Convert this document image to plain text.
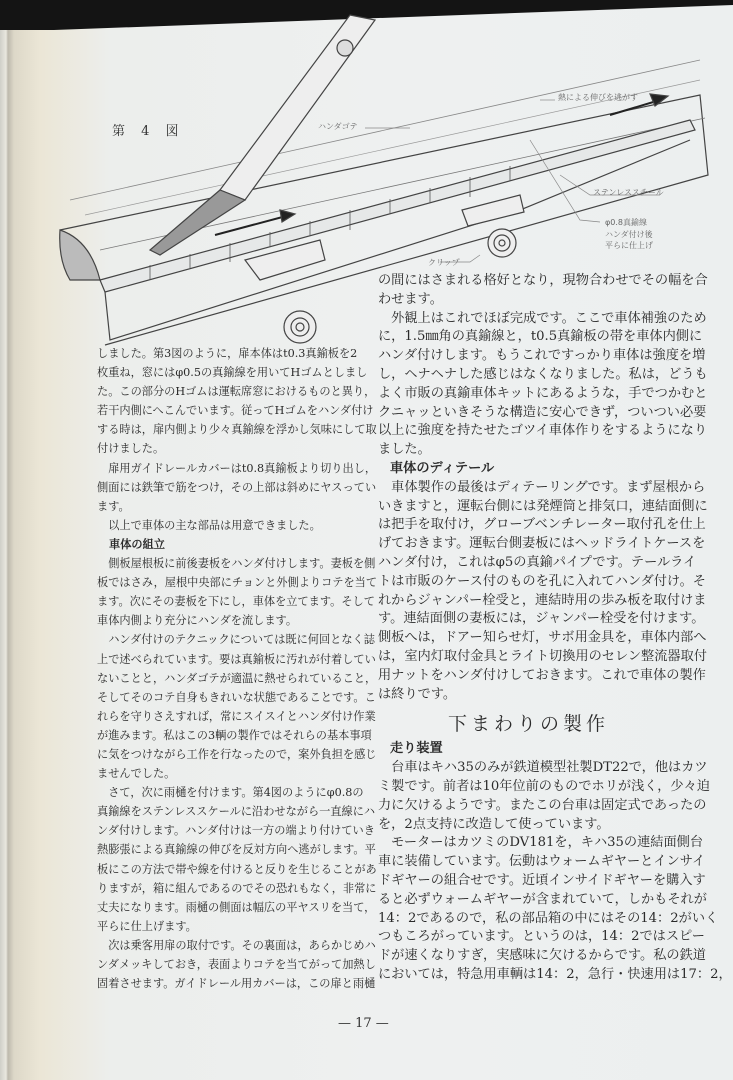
第 4 図	ハンダゴテ
熱による伸びを逃がす
ステンレススチール
φ0.8真鍮線
ハンダ付け後
平らに仕上げ
クリップ
しました。第3図のように，扉本体はt0.3真鍮板を2
枚重ね，窓にはφ0.5の真鍮線を用いてHゴムとしまし
た。この部分のHゴムは運転席窓におけるものと異り，
若干内側にへこんでいます。従ってHゴムをハンダ付け
する時は，扉内側より少々真鍮線を浮かし気味にして取
付けました。
　扉用ガイドレールカバーはt0.8真鍮板より切り出し，
側面には鉄筆で筋をつけ，その上部は斜めにヤスってい
ます。
　以上で車体の主な部品は用意できました。
車体の組立
　側板屋根板に前後妻板をハンダ付けします。妻板を側
板ではさみ，屋根中央部にチョンと外側よりコテを当て
ます。次にその妻板を下にし，車体を立てます。そして
車体内側より充分にハンダを流します。
　ハンダ付けのテクニックについては既に何回となく誌
上で述べられています。要は真鍮板に汚れが付着してい
ないことと，ハンダゴテが適温に熱せられていること，
そしてそのコテ自身もきれいな状態であることです。こ
れらを守りさえすれば，常にスイスイとハンダ付け作業
が進みます。私はこの3輌の製作ではそれらの基本事項
に気をつけながら工作を行なったので，案外負担を感じ
ませんでした。
　さて，次に雨樋を付けます。第4図のようにφ0.8の
真鍮線をステンレススケールに沿わせながら一直線にハ
ンダ付けします。ハンダ付けは一方の端より付けていき
熱膨張による真鍮線の伸びを反対方向へ逃がします。平
板にこの方法で帯や線を付けると反りを生じることがあ
りますが，箱に組んであるのでその恐れもなく，非常に
丈夫になります。雨樋の側面は幅広の平ヤスリを当て，
平らに仕上げます。
　次は乗客用扉の取付です。その裏面は，あらかじめハ
ンダメッキしておき，表面よりコテを当てがって加熱し
固着させます。ガイドレール用カバーは，この扉と雨樋
の間にはさまれる格好となり，現物合わせでその幅を合
わせます。
　外観上はこれでほぼ完成です。ここで車体補強のため
に，1.5㎜角の真鍮線と，t0.5真鍮板の帯を車体内側に
ハンダ付けします。もうこれですっかり車体は強度を増
し，ヘナヘナした感じはなくなりました。私は，どうも
よく市販の真鍮車体キットにあるような，手でつかむと
クニャッといきそうな構造に安心できず，ついつい必要
以上に強度を持たせたゴツイ車体作りをするようになり
ました。
車体のディテール
　車体製作の最後はディテーリングです。まず屋根から
いきますと，運転台側には発煙筒と排気口，連結面側に
は把手を取付け，グローブベンチレーター取付孔を仕上
げておきます。運転台側妻板にはヘッドライトケースを
ハンダ付け，これはφ5の真鍮パイプです。テールライ
トは市販のケース付のものを孔に入れてハンダ付け。そ
れからジャンパー栓受と，連結時用の歩み板を取付けま
す。連結面側の妻板には，ジャンパー栓受を付けます。
側板へは，ドアー知らせ灯，サボ用金具を，車体内部へ
は，室内灯取付金具とライト切換用のセレン整流器取付
用ナットをハンダ付けしておきます。これで車体の製作
は終りです。
下まわりの製作
走り装置
　台車はキハ35のみが鉄道模型社製DT22で，他はカツ
ミ製です。前者は10年位前のものでホリが浅く，少々迫
力に欠けるようです。またこの台車は固定式であったの
を，2点支持に改造して使っています。
　モーターはカツミのDV181を，キハ35の連結面側台
車に装備しています。伝動はウォームギヤーとインサイ
ドギヤーの組合せです。近頃インサイドギヤーを購入す
ると必ずウォームギヤーが含まれていて，しかもそれが
14：2であるので，私の部品箱の中にはその14：2がいく
つもころがっています。というのは，14：2ではスピー
ドが速くなりすぎ，実感味に欠けるからです。私の鉄道
においては，特急用車輌は14：2，急行・快速用は17：2，
— 17 —
